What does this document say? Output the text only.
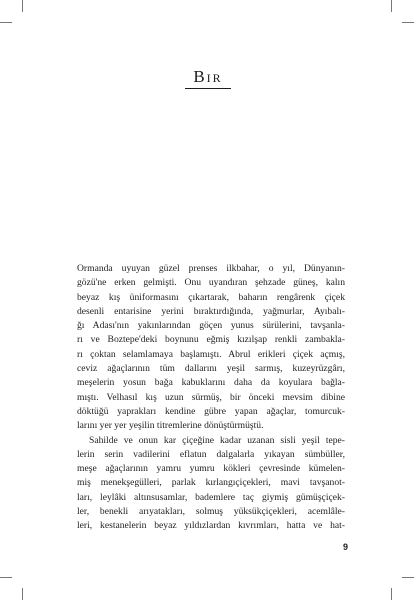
Bir
Ormanda uyuyan güzel prenses ilkbahar, o yıl, Dünyanın-
gözü'ne erken gelmişti. Onu uyandıran şehzade güneş, kalın
beyaz kış üniformasını çıkartarak, baharın rengârenk çiçek
desenli entarisine yerini bıraktırdığında, yağmurlar, Ayıbalı-
ğı Adası'nın yakınlarından göçen yunus sürülerini, tavşanla-
rı ve Boztepe'deki boynunu eğmiş kızılşap renkli zambakla-
rı çoktan selamlamaya başlamıştı. Abrul erikleri çiçek açmış,
ceviz ağaçlarının tüm dallarını yeşil sarmış, kuzeyrüzgârı,
meşelerin yosun bağa kabuklarını daha da koyulara bağla-
mıştı. Velhasıl kış uzun sürmüş, bir önceki mevsim dibine
döktüğü yaprakları kendine gübre yapan ağaçlar, tomurcuk-
larını yer yer yeşilin titremlerine dönüştürmüştü.
Sahilde ve onun kar çiçeğine kadar uzanan sisli yeşil tepe-
lerin serin vadilerini eflatun dalgalarla yıkayan sümbüller,
meşe ağaçlarının yamru yumru kökleri çevresinde kümelen-
miş menekşegülleri, parlak kırlangıçiçekleri, mavi tavşanot-
ları, leylâki altınsusamlar, bademlere taç giymiş gümüşçiçek-
ler, benekli arıyatakları, solmuş yüksükçiçekleri, acemlâle-
leri, kestanelerin beyaz yıldızlardan kıvrımları, hatta ve hat-
9
